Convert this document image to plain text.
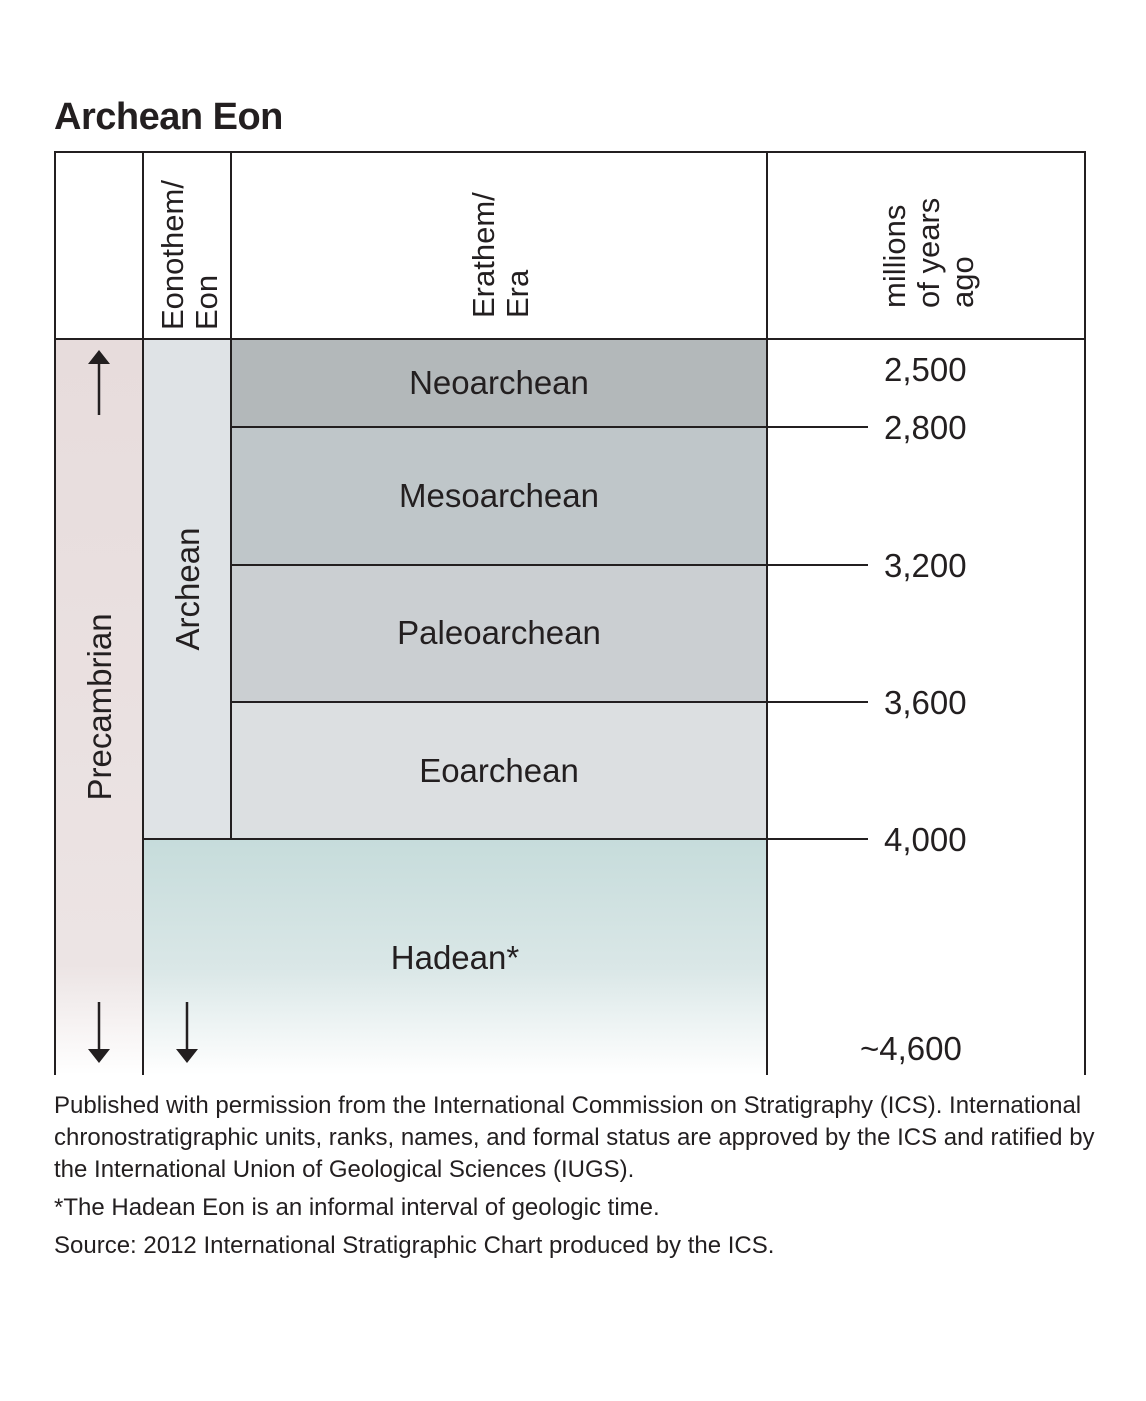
Archean Eon
Eonothem/ Eon	Erathem/ Era	millions of years ago
Precambrian
Archean
Neoarchean
Mesoarchean
Paleoarchean
Eoarchean
Hadean*
2,500
2,800
3,200
3,600
4,000
~4,600

Published with permission from the International Commission on Stratigraphy (ICS). International chronostratigraphic units, ranks, names, and formal status are approved by the ICS and ratified by the International Union of Geological Sciences (IUGS).

*The Hadean Eon is an informal interval of geologic time.

Source: 2012 International Stratigraphic Chart produced by the ICS.
